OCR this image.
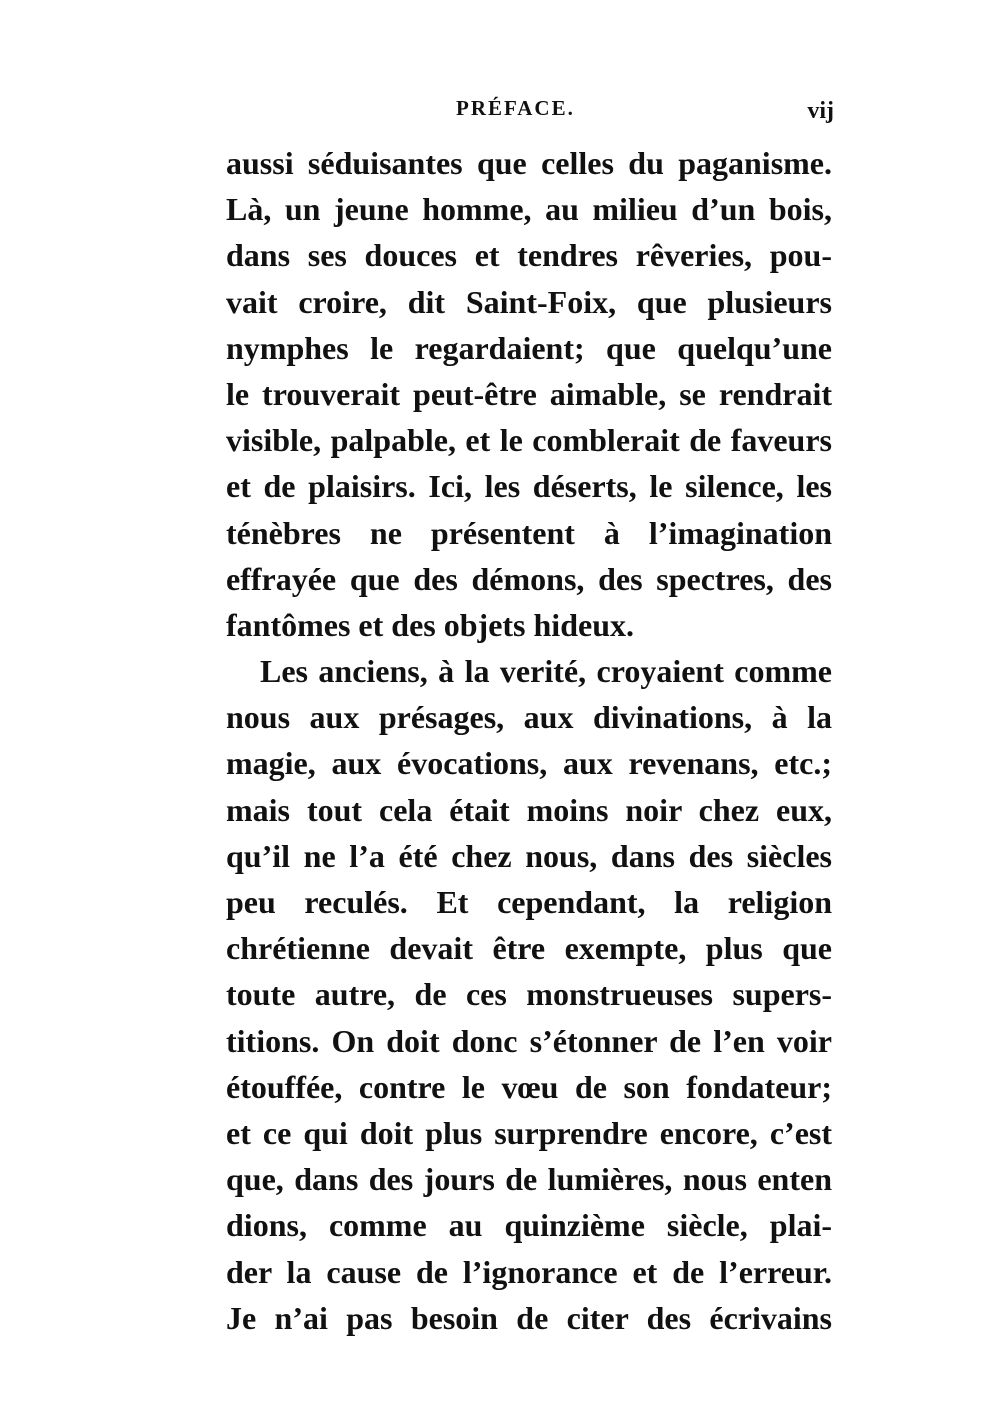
PRÉFACE.	vij
aussi séduisantes que celles du paganisme.
Là, un jeune homme, au milieu d’un bois,
dans ses douces et tendres rêveries, pou-
vait croire, dit Saint-Foix, que plusieurs
nymphes le regardaient; que quelqu’une
le trouverait peut-être aimable, se rendrait
visible, palpable, et le comblerait de faveurs
et de plaisirs. Ici, les déserts, le silence, les
ténèbres ne présentent à l’imagination
effrayée que des démons, des spectres, des
fantômes et des objets hideux.
Les anciens, à la verité, croyaient comme
nous aux présages, aux divinations, à la
magie, aux évocations, aux revenans, etc.;
mais tout cela était moins noir chez eux,
qu’il ne l’a été chez nous, dans des siècles
peu reculés. Et cependant, la religion
chrétienne devait être exempte, plus que
toute autre, de ces monstrueuses supers-
titions. On doit donc s’étonner de l’en voir
étouffée, contre le vœu de son fondateur;
et ce qui doit plus surprendre encore, c’est
que, dans des jours de lumières, nous enten
dions, comme au quinzième siècle, plai-
der la cause de l’ignorance et de l’erreur.
Je n’ai pas besoin de citer des écrivains
